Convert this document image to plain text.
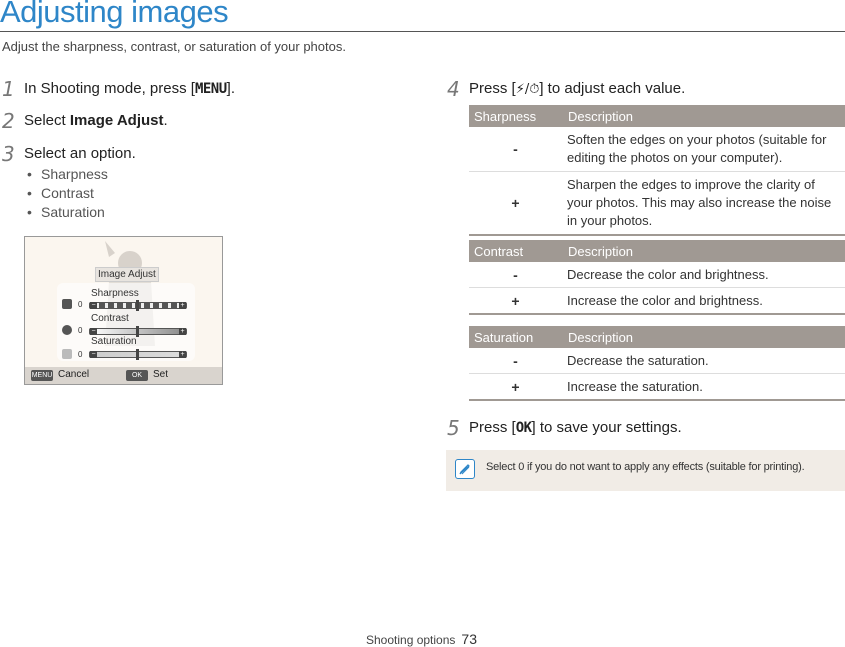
Adjusting images
Adjust the sharpness, contrast, or saturation of your photos.
1 In Shooting mode, press [MENU].
2 Select Image Adjust.
3 Select an option.
• Sharpness
• Contrast
• Saturation
Image Adjust
0
Sharpness
−	+
0
Contrast
−	+
0
Saturation
−	+
MENU Cancel	OK	Set
4 Press [⚡/⏱] to adjust each value.
Sharpness	Description
-	Soften the edges on your photos (suitable for editing the photos on your computer).
+	Sharpen the edges to improve the clarity of your photos. This may also increase the noise in your photos.
Contrast	Description
-	Decrease the color and brightness.
+	Increase the color and brightness.
Saturation	Description
-	Decrease the saturation.
+	Increase the saturation.
5 Press [OK] to save your settings.
Select 0 if you do not want to apply any effects (suitable for printing).
Shooting options 73
